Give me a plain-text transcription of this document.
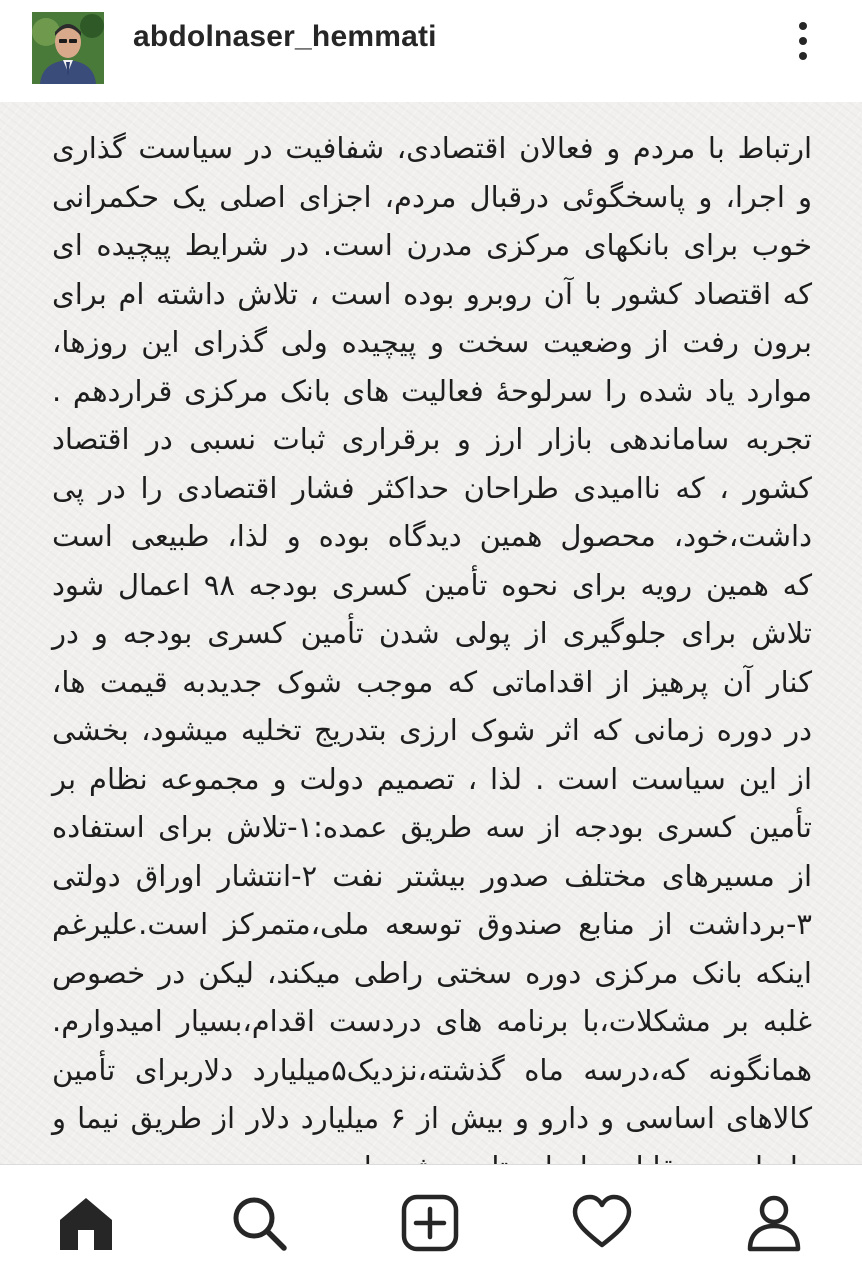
abdolnaser_hemmati
ارتباط با مردم و فعالان اقتصادی، شفافیت در سیاست گذاری
و اجرا، و پاسخگوئی درقبال مردم، اجزای اصلی یک حکمرانی
خوب برای بانکهای مرکزی مدرن است. در شرایط پیچیده ای
که اقتصاد کشور با آن روبرو بوده است ، تلاش داشته ام برای
برون رفت از وضعیت سخت و پیچیده ولی گذرای این روزها،
موارد یاد شده را سرلوحهٔ فعالیت های بانک مرکزی قراردهم .
تجربه ساماندهی بازار ارز و برقراری ثبات نسبی در اقتصاد
کشور ، که ناامیدی طراحان حداکثر فشار اقتصادی را در پی
داشت،خود، محصول همین دیدگاه بوده و لذا، طبیعی است
که همین رویه برای نحوه تأمین کسری بودجه ۹۸ اعمال شود
تلاش برای جلوگیری از پولی شدن تأمین کسری بودجه و در
کنار آن پرهیز از اقداماتی که موجب شوک جدیدبه قیمت ها،
در دوره زمانی که اثر شوک ارزی بتدریج تخلیه میشود، بخشی
از این سیاست است . لذا ، تصمیم دولت و مجموعه نظام بر
تأمین کسری بودجه از سه طریق عمده:۱-تلاش برای استفاده
از مسیرهای مختلف صدور بیشتر نفت ۲-انتشار اوراق دولتی
۳-برداشت از منابع صندوق توسعه ملی،متمرکز است.علیرغم
اینکه بانک مرکزی دوره سختی راطی میکند، لیکن در خصوص
غلبه بر مشکلات،با برنامه های دردست اقدام،بسیار امیدوارم.
همانگونه که،درسه ماه گذشته،نزدیک۵میلیارد دلاربرای تأمین
کالاهای اساسی و دارو و بیش از ۶ میلیارد دلار از طریق نیما و
